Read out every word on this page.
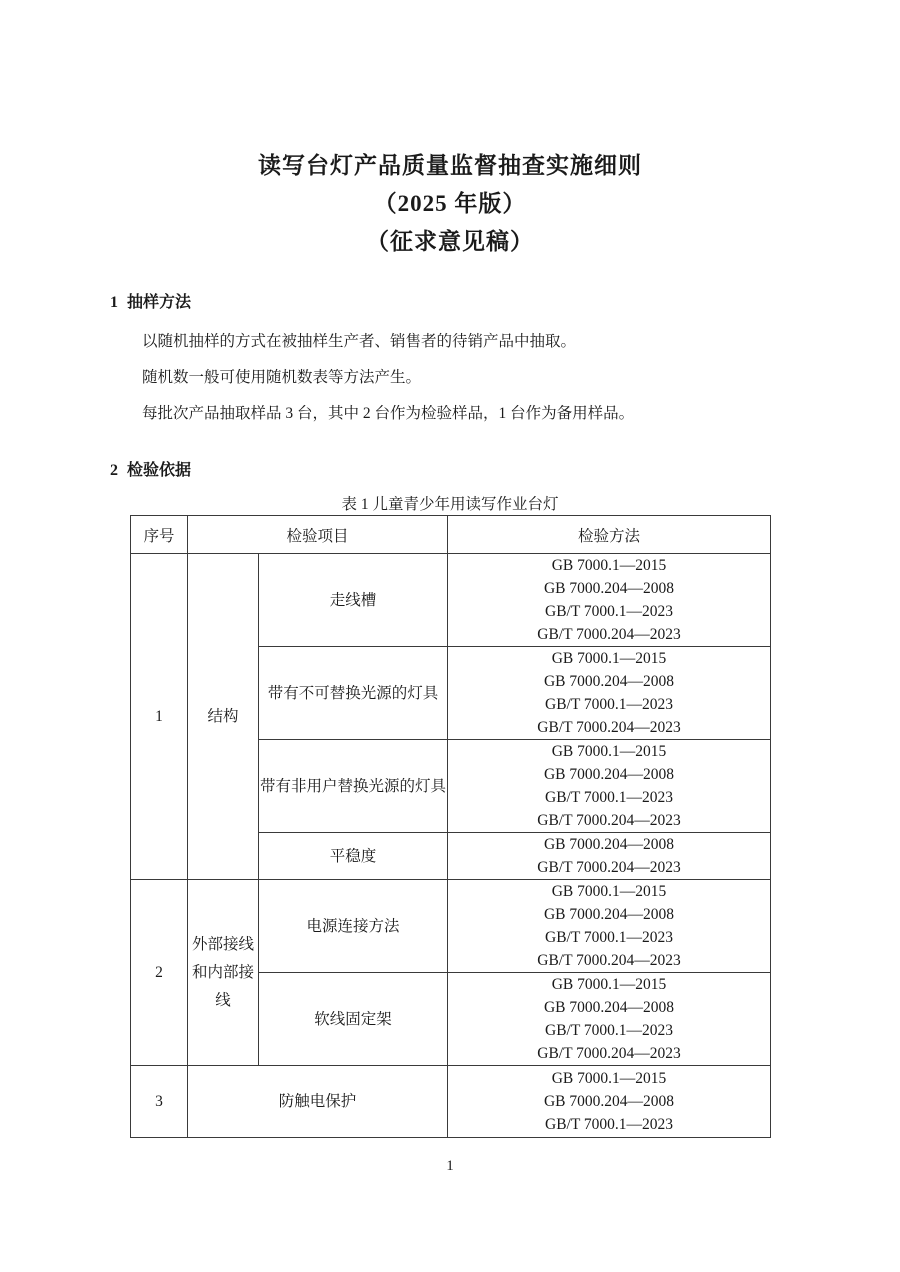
读写台灯产品质量监督抽查实施细则
（2025 年版）
（征求意见稿）
1 抽样方法

以随机抽样的方式在被抽样生产者、销售者的待销产品中抽取。

随机数一般可使用随机数表等方法产生。

每批次产品抽取样品 3 台，其中 2 台作为检验样品，1 台作为备用样品。

2 检验依据
表 1 儿童青少年用读写作业台灯
序号	检验项目		检验方法
1	结构	走线槽	GB 7000.1—2015
GB 7000.204—2008
GB/T 7000.1—2023
GB/T 7000.204—2023

		带有不可替换光源的灯具	GB 7000.1—2015
GB 7000.204—2008
GB/T 7000.1—2023
GB/T 7000.204—2023

		带有非用户替换光源的灯具	GB 7000.1—2015
GB 7000.204—2008
GB/T 7000.1—2023
GB/T 7000.204—2023

		平稳度	GB 7000.204—2008
GB/T 7000.204—2023

2	外部接线和内部接线	电源连接方法	GB 7000.1—2015
GB 7000.204—2008
GB/T 7000.1—2023
GB/T 7000.204—2023

		软线固定架	GB 7000.1—2015
GB 7000.204—2008
GB/T 7000.1—2023
GB/T 7000.204—2023

3	防触电保护		GB 7000.1—2015
GB 7000.204—2008
GB/T 7000.1—2023
1
